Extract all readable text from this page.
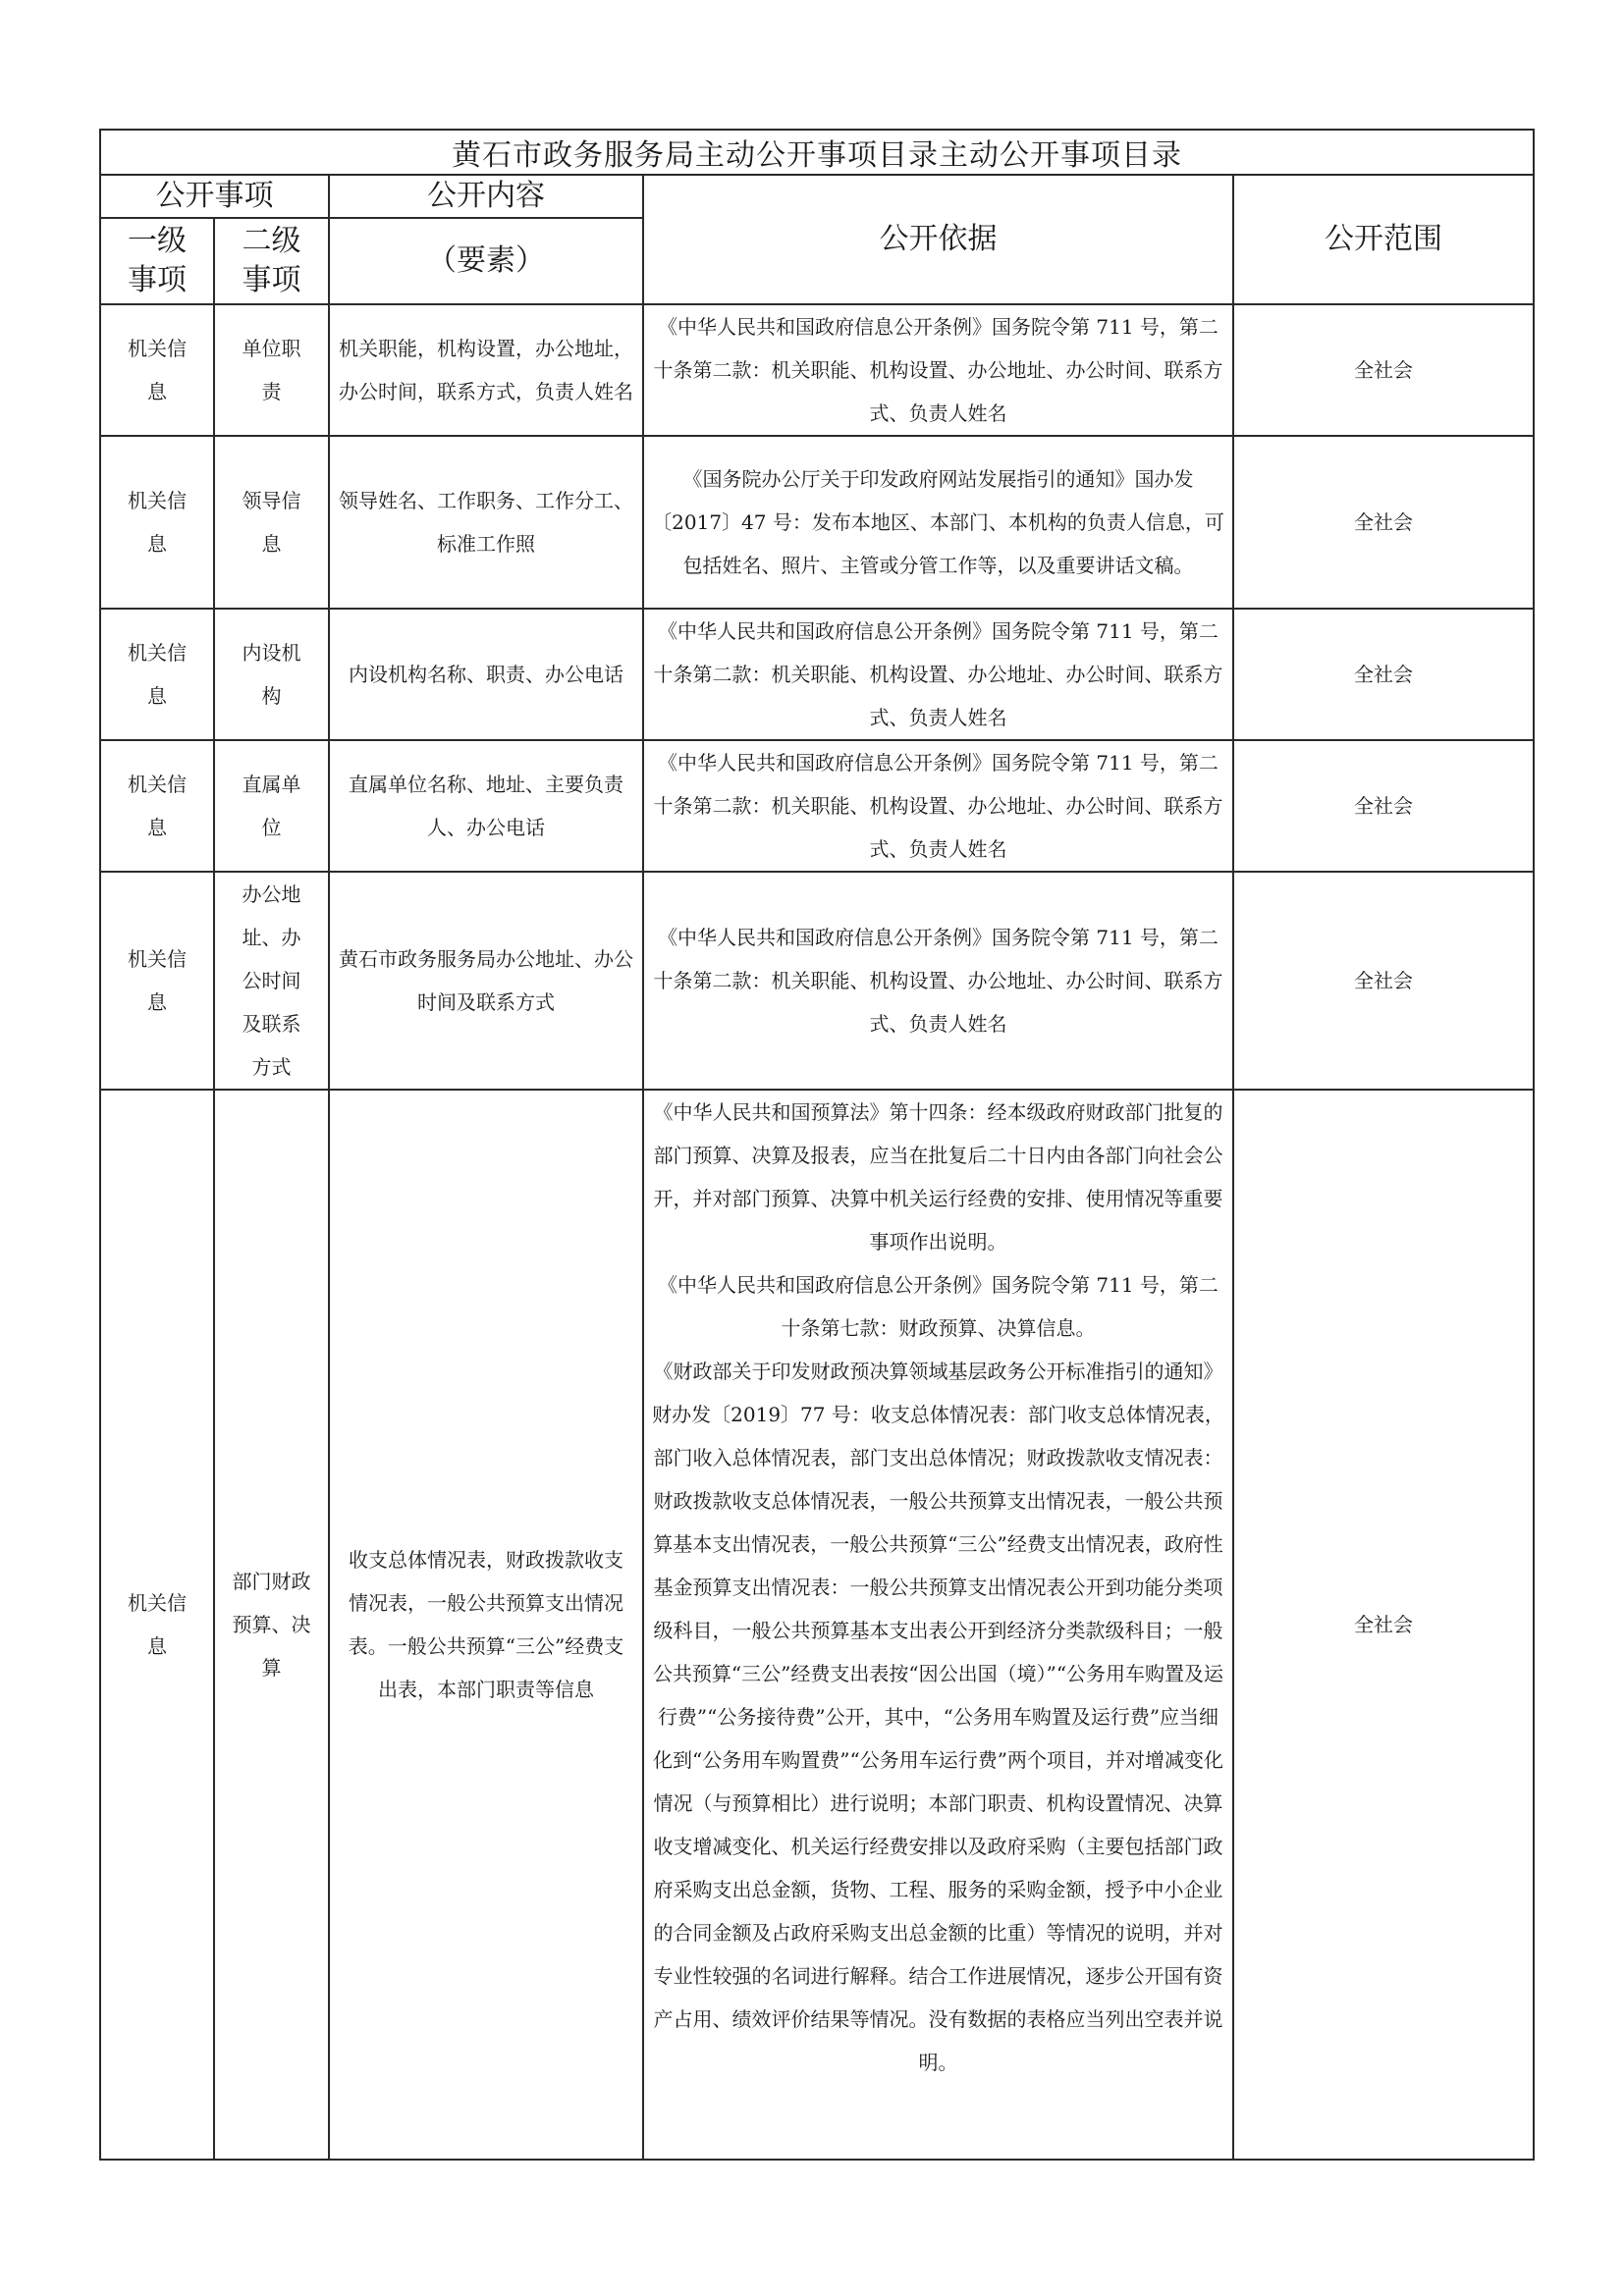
黄石市政务服务局主动公开事项目录主动公开事项目录				
公开事项		公开内容	公开依据	公开范围
一级事项	二级事项	（要素）		
机关信息	单位职责	机关职能，机构设置，办公地址，办公时间，联系方式，负责人姓名	《中华人民共和国政府信息公开条例》国务院令第 711 号，第二十条第二款：机关职能、机构设置、办公地址、办公时间、联系方式、负责人姓名	全社会
机关信息	领导信息	领导姓名、工作职务、工作分工、标准工作照	《国务院办公厅关于印发政府网站发展指引的通知》国办发〔2017〕47 号：发布本地区、本部门、本机构的负责人信息，可包括姓名、照片、主管或分管工作等，以及重要讲话文稿。	全社会
机关信息	内设机构	内设机构名称、职责、办公电话	《中华人民共和国政府信息公开条例》国务院令第 711 号，第二十条第二款：机关职能、机构设置、办公地址、办公时间、联系方式、负责人姓名	全社会
机关信息	直属单位	直属单位名称、地址、主要负责人、办公电话	《中华人民共和国政府信息公开条例》国务院令第 711 号，第二十条第二款：机关职能、机构设置、办公地址、办公时间、联系方式、负责人姓名	全社会
机关信息	办公地址、办公时间及联系方式	黄石市政务服务局办公地址、办公时间及联系方式	《中华人民共和国政府信息公开条例》国务院令第 711 号，第二十条第二款：机关职能、机构设置、办公地址、办公时间、联系方式、负责人姓名	全社会
机关信息	部门财政预算、决算	收支总体情况表，财政拨款收支情况表，一般公共预算支出情况表。一般公共预算“三公”经费支出表，本部门职责等信息	《中华人民共和国预算法》第十四条：经本级政府财政部门批复的部门预算、决算及报表，应当在批复后二十日内由各部门向社会公开，并对部门预算、决算中机关运行经费的安排、使用情况等重要事项作出说明。

《中华人民共和国政府信息公开条例》国务院令第 711 号，第二十条第七款：财政预算、决算信息。

《财政部关于印发财政预决算领域基层政务公开标准指引的通知》财办发〔2019〕77 号：收支总体情况表：部门收支总体情况表，部门收入总体情况表，部门支出总体情况；财政拨款收支情况表：财政拨款收支总体情况表，一般公共预算支出情况表，一般公共预算基本支出情况表，一般公共预算“三公”经费支出情况表，政府性基金预算支出情况表：一般公共预算支出情况表公开到功能分类项级科目，一般公共预算基本支出表公开到经济分类款级科目；一般公共预算“三公”经费支出表按“因公出国（境）”“公务用车购置及运行费”“公务接待费”公开，其中，“公务用车购置及运行费”应当细化到“公务用车购置费”“公务用车运行费”两个项目，并对增减变化情况（与预算相比）进行说明；本部门职责、机构设置情况、决算收支增减变化、机关运行经费安排以及政府采购（主要包括部门政府采购支出总金额，货物、工程、服务的采购金额，授予中小企业的合同金额及占政府采购支出总金额的比重）等情况的说明，并对专业性较强的名词进行解释。结合工作进展情况，逐步公开国有资产占用、绩效评价结果等情况。没有数据的表格应当列出空表并说明。	全社会
